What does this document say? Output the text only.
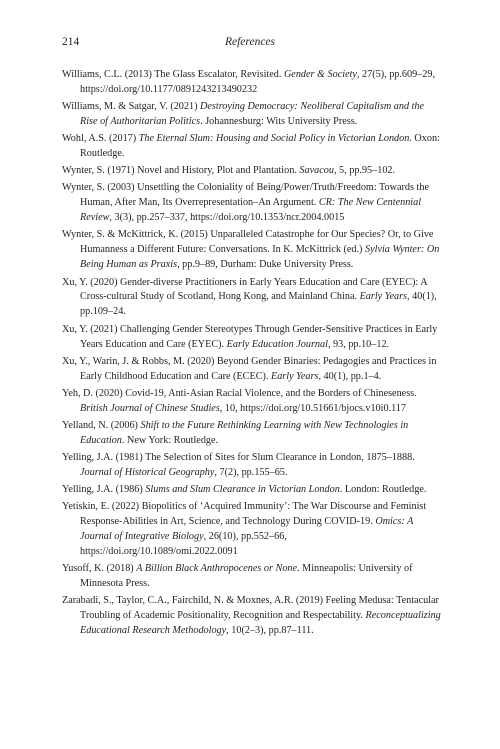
214	References
Williams, C.L. (2013) The Glass Escalator, Revisited. Gender & Society, 27(5), pp.609–29, https://doi.org/10.1177/0891243213490232
Williams, M. & Satgar, V. (2021) Destroying Democracy: Neoliberal Capitalism and the Rise of Authoritarian Politics. Johannesburg: Wits University Press.
Wohl, A.S. (2017) The Eternal Slum: Housing and Social Policy in Victorian London. Oxon: Routledge.
Wynter, S. (1971) Novel and History, Plot and Plantation. Savacou, 5, pp.95–102.
Wynter, S. (2003) Unsettling the Coloniality of Being/Power/Truth/Freedom: Towards the Human, After Man, Its Overrepresentation–An Argument. CR: The New Centennial Review, 3(3), pp.257–337, https://doi.org/10.1353/ncr.2004.0015
Wynter, S. & McKittrick, K. (2015) Unparalleled Catastrophe for Our Species? Or, to Give Humanness a Different Future: Conversations. In K. McKittrick (ed.) Sylvia Wynter: On Being Human as Praxis, pp.9–89, Durham: Duke University Press.
Xu, Y. (2020) Gender-diverse Practitioners in Early Years Education and Care (EYEC): A Cross-cultural Study of Scotland, Hong Kong, and Mainland China. Early Years, 40(1), pp.109–24.
Xu, Y. (2021) Challenging Gender Stereotypes Through Gender-Sensitive Practices in Early Years Education and Care (EYEC). Early Education Journal, 93, pp.10–12.
Xu, Y., Warin, J. & Robbs, M. (2020) Beyond Gender Binaries: Pedagogies and Practices in Early Childhood Education and Care (ECEC). Early Years, 40(1), pp.1–4.
Yeh, D. (2020) Covid-19, Anti-Asian Racial Violence, and the Borders of Chineseness. British Journal of Chinese Studies, 10, https://doi.org/10.51661/bjocs.v10i0.117
Yelland, N. (2006) Shift to the Future Rethinking Learning with New Technologies in Education. New York: Routledge.
Yelling, J.A. (1981) The Selection of Sites for Slum Clearance in London, 1875–1888. Journal of Historical Geography, 7(2), pp.155–65.
Yelling, J.A. (1986) Slums and Slum Clearance in Victorian London. London: Routledge.
Yetiskin, E. (2022) Biopolitics of ‘Acquired Immunity’: The War Discourse and Feminist Response-Abilities in Art, Science, and Technology During COVID-19. Omics: A Journal of Integrative Biology, 26(10), pp.552–66, https://doi.org/10.1089/omi.2022.0091
Yusoff, K. (2018) A Billion Black Anthropocenes or None. Minneapolis: University of Minnesota Press.
Zarabadi, S., Taylor, C.A., Fairchild, N. & Moxnes, A.R. (2019) Feeling Medusa: Tentacular Troubling of Academic Positionality, Recognition and Respectability. Reconceptualizing Educational Research Methodology, 10(2–3), pp.87–111.
